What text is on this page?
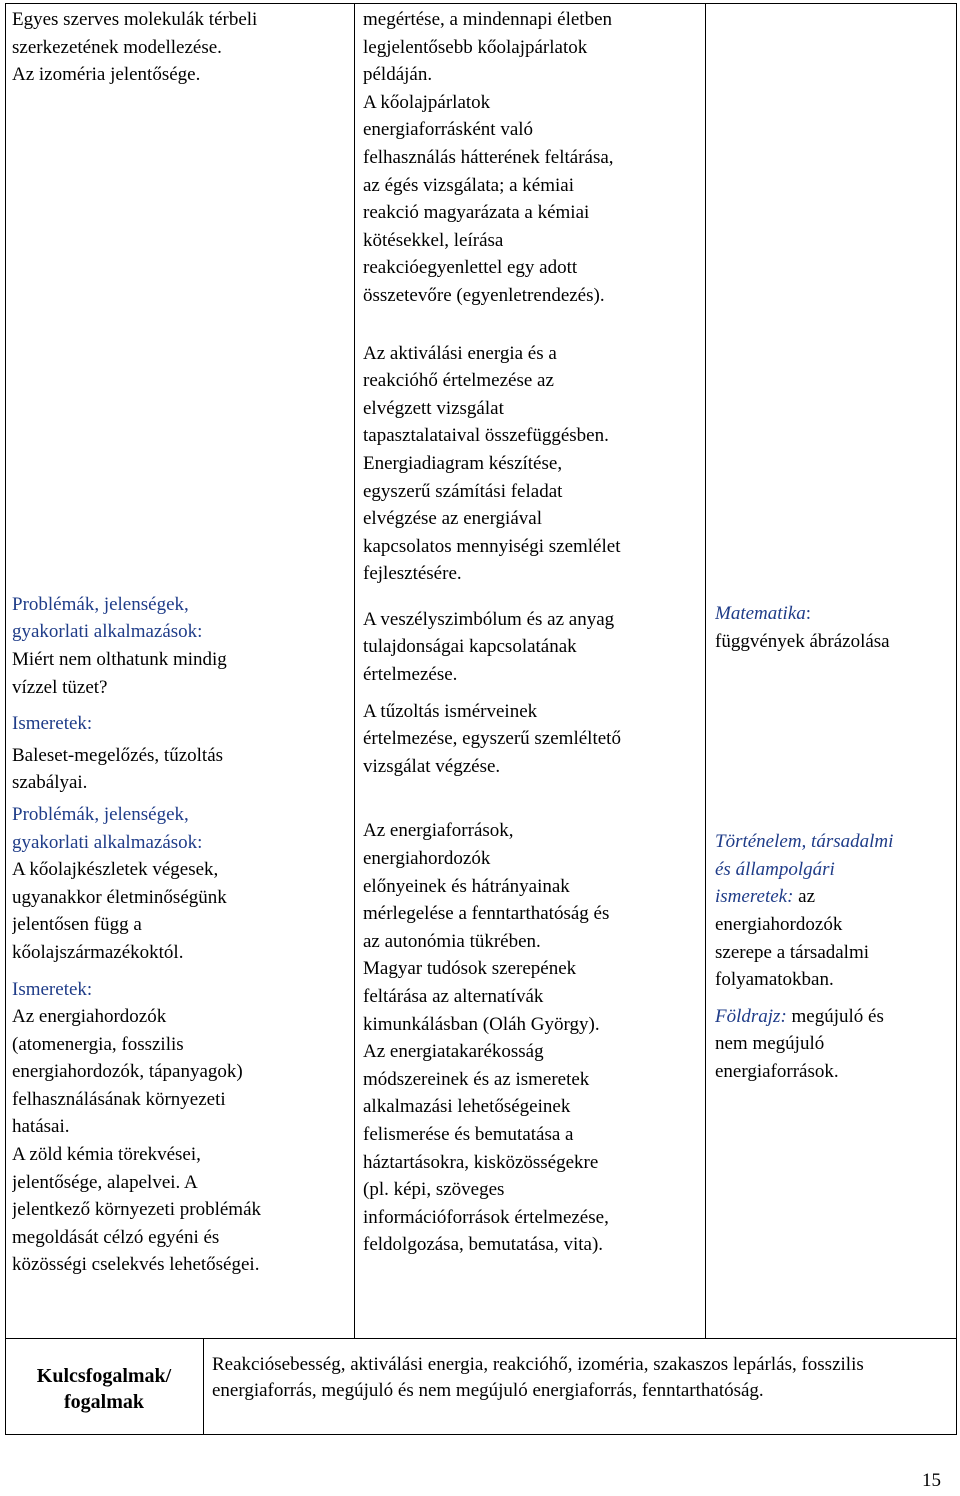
Egyes szerves molekulák térbeli

szerkezetének modellezése.

Az izoméria jelentősége.

Problémák, jelenségek,

gyakorlati alkalmazások:

Miért nem olthatunk mindig

vízzel tüzet?

Ismeretek:

Baleset-megelőzés, tűzoltás

szabályai.

Problémák, jelenségek,

gyakorlati alkalmazások:

A kőolajkészletek végesek,

ugyanakkor életminőségünk

jelentősen függ a

kőolajszármazékoktól.

Ismeretek:

Az energiahordozók

(atomenergia, fosszilis

energiahordozók, tápanyagok)

felhasználásának környezeti

hatásai.

A zöld kémia törekvései,

jelentősége, alapelvei. A

jelentkező környezeti problémák

megoldását célzó egyéni és

közösségi cselekvés lehetőségei.

megértése, a mindennapi életben

legjelentősebb kőolajpárlatok

példáján.

A kőolajpárlatok

energiaforrásként való

felhasználás hátterének feltárása,

az égés vizsgálata; a kémiai

reakció magyarázata a kémiai

kötésekkel, leírása

reakcióegyenlettel egy adott

összetevőre (egyenletrendezés).

Az aktiválási energia és a

reakcióhő értelmezése az

elvégzett vizsgálat

tapasztalataival összefüggésben.

Energiadiagram készítése,

egyszerű számítási feladat

elvégzése az energiával

kapcsolatos mennyiségi szemlélet

fejlesztésére.

A veszélyszimbólum és az anyag

tulajdonságai kapcsolatának

értelmezése.

A tűzoltás ismérveinek

értelmezése, egyszerű szemléltető

vizsgálat végzése.

Az energiaforrások,

energiahordozók

előnyeinek és hátrányainak

mérlegelése a fenntarthatóság és

az autonómia tükrében.

Magyar tudósok szerepének

feltárása az alternatívák

kimunkálásban (Oláh György).

Az energiatakarékosság

módszereinek és az ismeretek

alkalmazási lehetőségeinek

felismerése és bemutatása a

háztartásokra, kisközösségekre

(pl. képi, szöveges

információforrások értelmezése,

feldolgozása, bemutatása, vita).

Matematika:

függvények ábrázolása

Történelem, társadalmi

és állampolgári

ismeretek: az

energiahordozók

szerepe a társadalmi

folyamatokban.

Földrajz: megújuló és

nem megújuló

energiaforrások.

Kulcsfogalmak/
fogalmak
Reakciósebesség, aktiválási energia, reakcióhő, izoméria, szakaszos lepárlás, fosszilis energiaforrás, megújuló és nem megújuló energiaforrás, fenntarthatóság.
15
